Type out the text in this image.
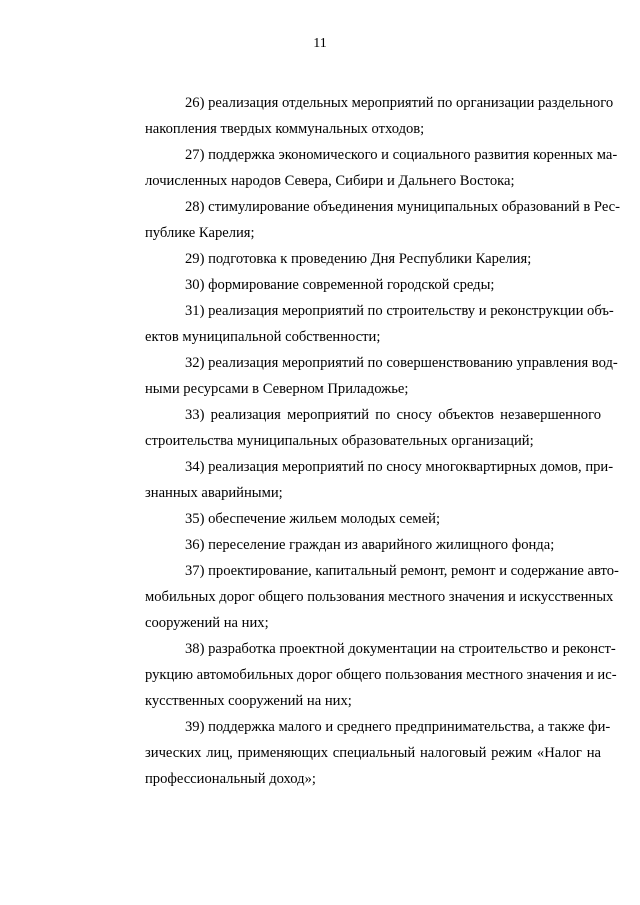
11
26) реализация отдельных мероприятий по организации раздельного
накопления твердых коммунальных отходов;
27) поддержка экономического и социального развития коренных ма-
лочисленных народов Севера, Сибири и Дальнего Востока;
28) стимулирование объединения муниципальных образований в Рес-
публике Карелия;
29) подготовка к проведению Дня Республики Карелия;
30) формирование современной городской среды;
31) реализация мероприятий по строительству и реконструкции объ-
ектов муниципальной собственности;
32) реализация мероприятий по совершенствованию управления вод-
ными ресурсами в Северном Приладожье;
33) реализация мероприятий по сносу объектов незавершенного
строительства муниципальных образовательных организаций;
34) реализация мероприятий по сносу многоквартирных домов, при-
знанных аварийными;
35) обеспечение жильем молодых семей;
36) переселение граждан из аварийного жилищного фонда;
37) проектирование, капитальный ремонт, ремонт и содержание авто-
мобильных дорог общего пользования местного значения и искусственных
сооружений на них;
38) разработка проектной документации на строительство и реконст-
рукцию автомобильных дорог общего пользования местного значения и ис-
кусственных сооружений на них;
39) поддержка малого и среднего предпринимательства, а также фи-
зических лиц, применяющих специальный налоговый режим «Налог на
профессиональный доход»;
